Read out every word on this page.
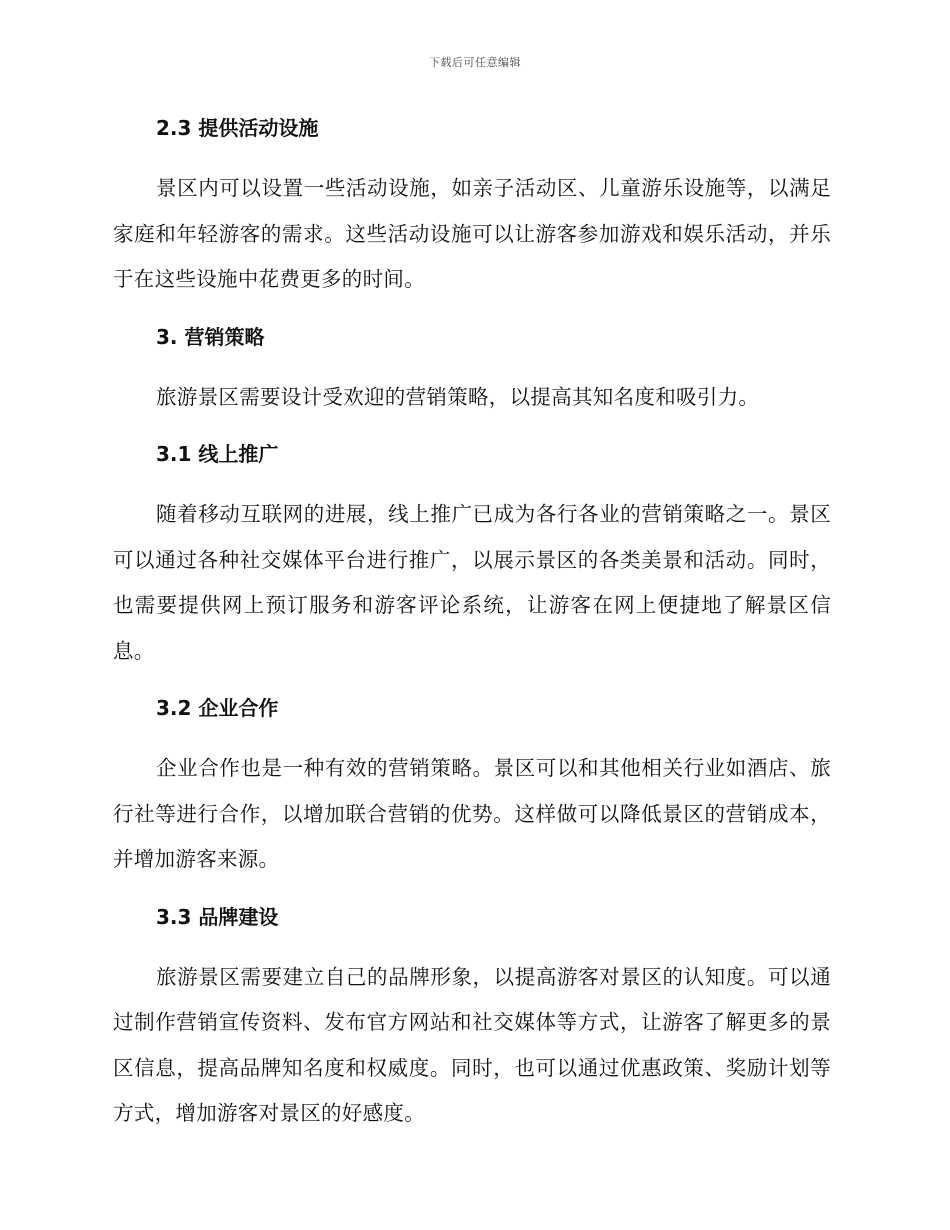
下载后可任意编辑
2.3 提供活动设施

景区内可以设置一些活动设施，如亲子活动区、儿童游乐设施等，以满足家庭和年轻游客的需求。这些活动设施可以让游客参加游戏和娱乐活动，并乐于在这些设施中花费更多的时间。

3. 营销策略

旅游景区需要设计受欢迎的营销策略，以提高其知名度和吸引力。

3.1 线上推广

随着移动互联网的进展，线上推广已成为各行各业的营销策略之一。景区可以通过各种社交媒体平台进行推广，以展示景区的各类美景和活动。同时，也需要提供网上预订服务和游客评论系统，让游客在网上便捷地了解景区信息。

3.2 企业合作

企业合作也是一种有效的营销策略。景区可以和其他相关行业如酒店、旅行社等进行合作，以增加联合营销的优势。这样做可以降低景区的营销成本，并增加游客来源。

3.3 品牌建设

旅游景区需要建立自己的品牌形象，以提高游客对景区的认知度。可以通过制作营销宣传资料、发布官方网站和社交媒体等方式，让游客了解更多的景区信息，提高品牌知名度和权威度。同时，也可以通过优惠政策、奖励计划等方式，增加游客对景区的好感度。
